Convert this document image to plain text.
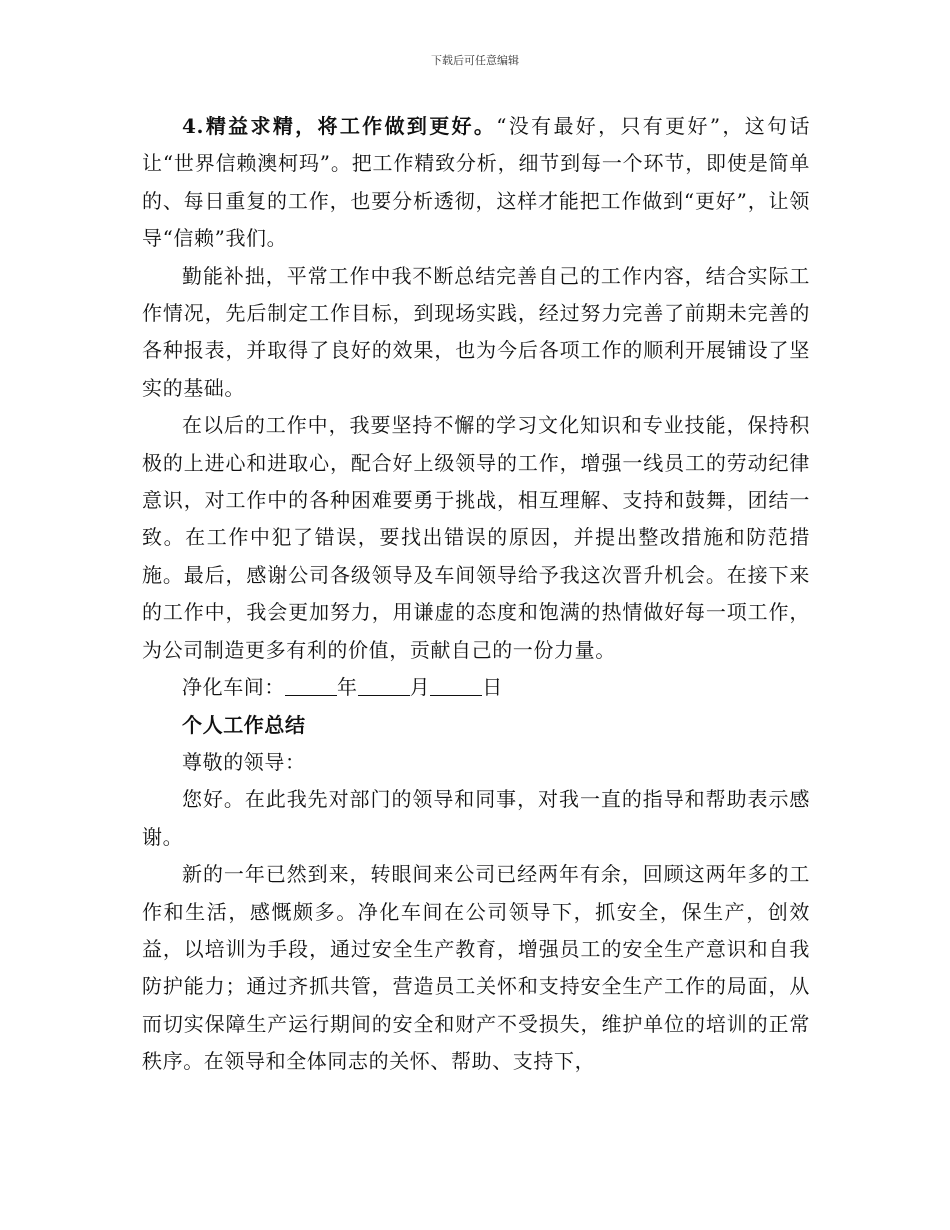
下载后可任意编辑

4.精益求精，将工作做到更好。“没有最好，只有更好”，这句话让“世界信赖澳柯玛”。把工作精致分析，细节到每一个环节，即使是简单的、每日重复的工作，也要分析透彻，这样才能把工作做到“更好”，让领导“信赖”我们。

勤能补拙，平常工作中我不断总结完善自己的工作内容，结合实际工作情况，先后制定工作目标，到现场实践，经过努力完善了前期未完善的各种报表，并取得了良好的效果，也为今后各项工作的顺利开展铺设了坚实的基础。

在以后的工作中，我要坚持不懈的学习文化知识和专业技能，保持积极的上进心和进取心，配合好上级领导的工作，增强一线员工的劳动纪律意识，对工作中的各种困难要勇于挑战，相互理解、支持和鼓舞，团结一致。在工作中犯了错误，要找出错误的原因，并提出整改措施和防范措施。最后，感谢公司各级领导及车间领导给予我这次晋升机会。在接下来的工作中，我会更加努力，用谦虚的态度和饱满的热情做好每一项工作，为公司制造更多有利的价值，贡献自己的一份力量。

净化车间：	年	月	日

个人工作总结

尊敬的领导：

您好。在此我先对部门的领导和同事，对我一直的指导和帮助表示感谢。

新的一年已然到来，转眼间来公司已经两年有余，回顾这两年多的工作和生活，感慨颇多。净化车间在公司领导下，抓安全，保生产，创效益，以培训为手段，通过安全生产教育，增强员工的安全生产意识和自我防护能力；通过齐抓共管，营造员工关怀和支持安全生产工作的局面，从而切实保障生产运行期间的安全和财产不受损失，维护单位的培训的正常秩序。在领导和全体同志的关怀、帮助、支持下，
